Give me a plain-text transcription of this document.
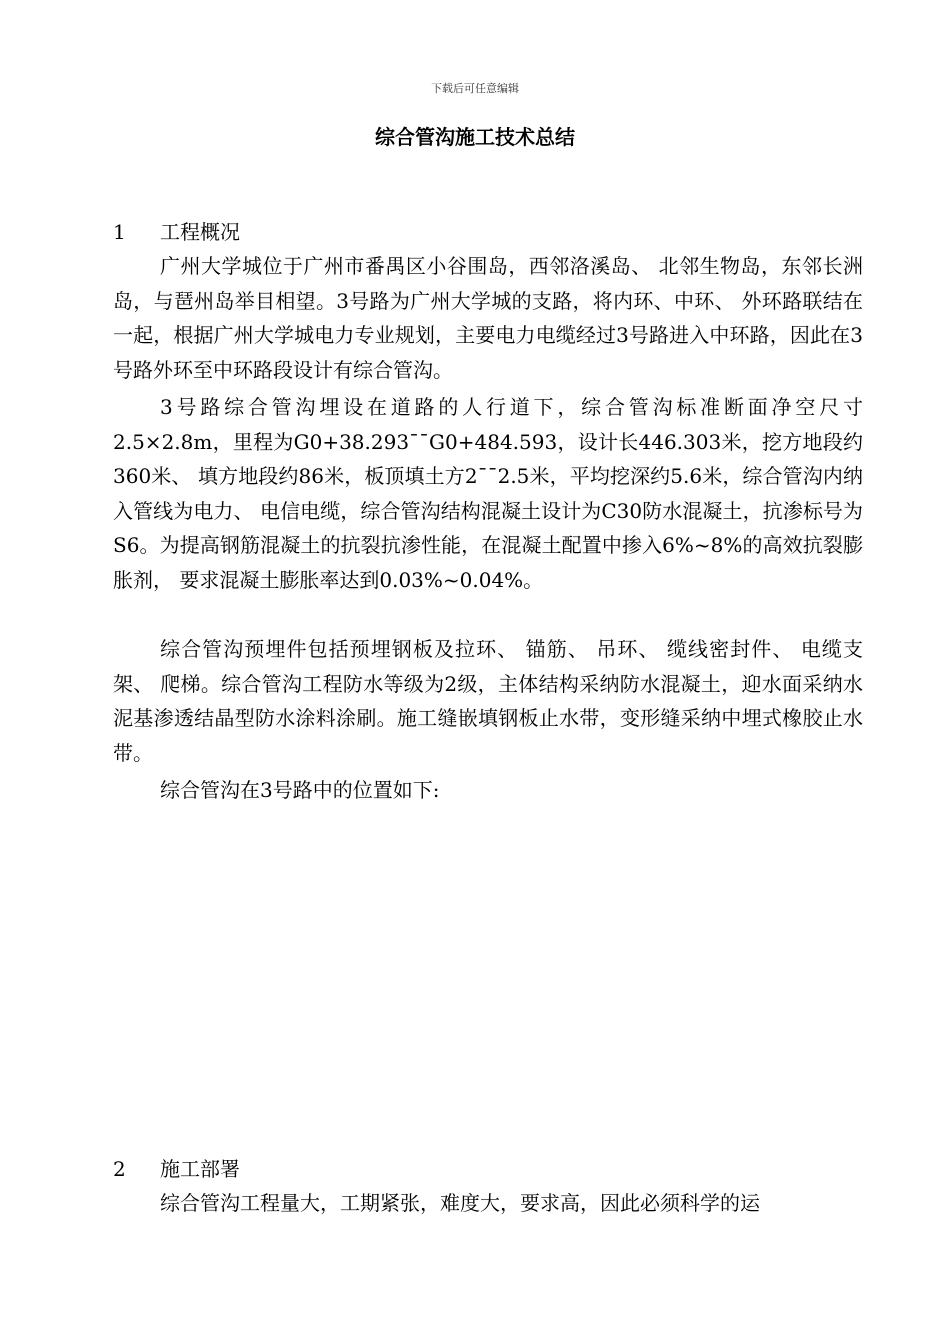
下载后可任意编辑
综合管沟施工技术总结
1 工程概况
广州大学城位于广州市番禺区小谷围岛，西邻洛溪岛、 北邻生物岛，东邻长洲岛，与琶州岛举目相望。3号路为广州大学城的支路，将内环、中环、 外环路联结在一起，根据广州大学城电力专业规划，主要电力电缆经过3号路进入中环路，因此在3号路外环至中环路段设计有综合管沟。
3号路综合管沟埋设在道路的人行道下，综合管沟标准断面净空尺寸2.5×2.8m，里程为G0+38.293¯¯G0+484.593，设计长446.303米，挖方地段约360米、 填方地段约86米，板顶填土方2¯¯2.5米，平均挖深约5.6米，综合管沟内纳入管线为电力、 电信电缆，综合管沟结构混凝土设计为C30防水混凝土，抗渗标号为S6。为提高钢筋混凝土的抗裂抗渗性能，在混凝土配置中掺入6%~8%的高效抗裂膨胀剂， 要求混凝土膨胀率达到0.03%~0.04%。
综合管沟预埋件包括预埋钢板及拉环、 锚筋、 吊环、 缆线密封件、 电缆支架、 爬梯。综合管沟工程防水等级为2级，主体结构采纳防水混凝土，迎水面采纳水泥基渗透结晶型防水涂料涂刷。施工缝嵌填钢板止水带，变形缝采纳中埋式橡胶止水带。
综合管沟在3号路中的位置如下:
2 施工部署
综合管沟工程量大，工期紧张，难度大，要求高，因此必须科学的运
